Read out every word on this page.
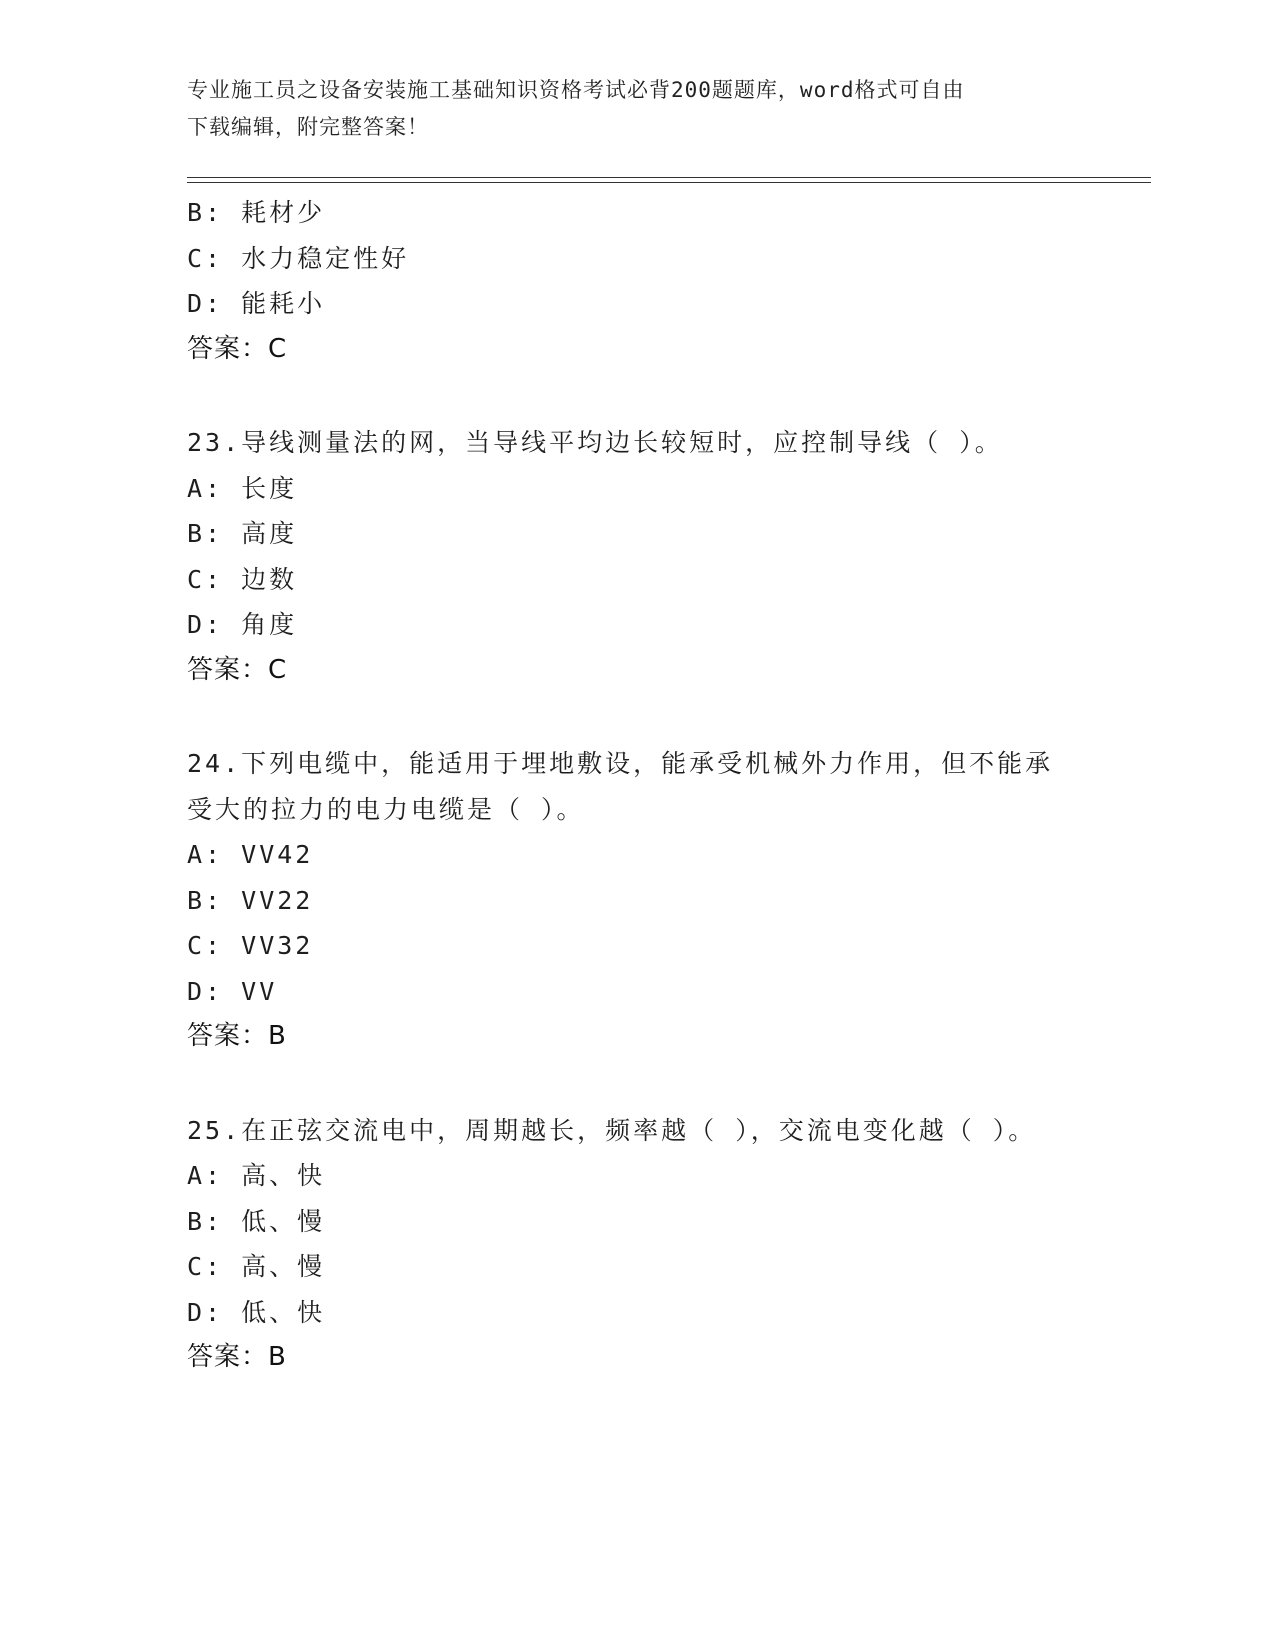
专业施工员之设备安装施工基础知识资格考试必背200题题库，word格式可自由
下载编辑，附完整答案！
B: 耗材少
C: 水力稳定性好
D: 能耗小
答案：C
23.导线测量法的网，当导线平均边长较短时，应控制导线（ ）。
A: 长度
B: 高度
C: 边数
D: 角度
答案：C
24.下列电缆中，能适用于埋地敷设，能承受机械外力作用，但不能承
受大的拉力的电力电缆是（ ）。
A: VV42
B: VV22
C: VV32
D: VV
答案：B
25.在正弦交流电中，周期越长，频率越（ ），交流电变化越（ ）。
A: 高、快
B: 低、慢
C: 高、慢
D: 低、快
答案：B
